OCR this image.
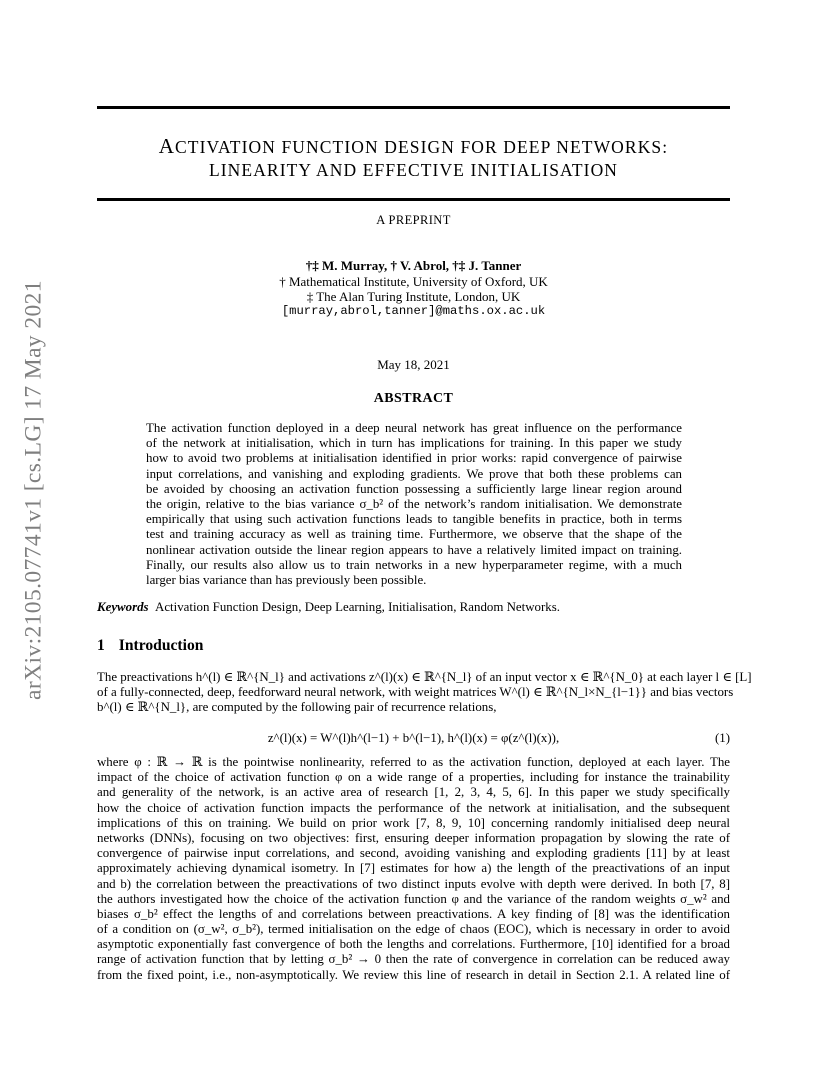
arXiv:2105.07741v1 [cs.LG] 17 May 2021
ACTIVATION FUNCTION DESIGN FOR DEEP NETWORKS:
LINEARITY AND EFFECTIVE INITIALISATION
A PREPRINT
†‡ M. Murray, † V. Abrol, †‡ J. Tanner
† Mathematical Institute, University of Oxford, UK
‡ The Alan Turing Institute, London, UK
[murray,abrol,tanner]@maths.ox.ac.uk
May 18, 2021
ABSTRACT
The activation function deployed in a deep neural network has great influence on the performance
of the network at initialisation, which in turn has implications for training. In this paper we study
how to avoid two problems at initialisation identified in prior works: rapid convergence of pairwise
input correlations, and vanishing and exploding gradients. We prove that both these problems can
be avoided by choosing an activation function possessing a sufficiently large linear region around
the origin, relative to the bias variance σ_b² of the network’s random initialisation. We demonstrate
empirically that using such activation functions leads to tangible benefits in practice, both in terms
test and training accuracy as well as training time. Furthermore, we observe that the shape of the
nonlinear activation outside the linear region appears to have a relatively limited impact on training.
Finally, our results also allow us to train networks in a new hyperparameter regime, with a much
larger bias variance than has previously been possible.
Keywords Activation Function Design, Deep Learning, Initialisation, Random Networks.
1 Introduction
The preactivations h^(l) ∈ ℝ^{N_l} and activations z^(l)(x) ∈ ℝ^{N_l} of an input vector x ∈ ℝ^{N_0} at each layer l ∈ [L]
of a fully-connected, deep, feedforward neural network, with weight matrices W^(l) ∈ ℝ^{N_l×N_{l−1}} and bias vectors
b^(l) ∈ ℝ^{N_l}, are computed by the following pair of recurrence relations,
z^(l)(x) = W^(l)h^(l−1) + b^(l−1), h^(l)(x) = φ(z^(l)(x)),	(1)
where φ : ℝ → ℝ is the pointwise nonlinearity, referred to as the activation function, deployed at each layer. The
impact of the choice of activation function φ on a wide range of a properties, including for instance the trainability
and generality of the network, is an active area of research [1, 2, 3, 4, 5, 6]. In this paper we study specifically
how the choice of activation function impacts the performance of the network at initialisation, and the subsequent
implications of this on training. We build on prior work [7, 8, 9, 10] concerning randomly initialised deep neural
networks (DNNs), focusing on two objectives: first, ensuring deeper information propagation by slowing the rate of
convergence of pairwise input correlations, and second, avoiding vanishing and exploding gradients [11] by at least
approximately achieving dynamical isometry. In [7] estimates for how a) the length of the preactivations of an input
and b) the correlation between the preactivations of two distinct inputs evolve with depth were derived. In both [7, 8]
the authors investigated how the choice of the activation function φ and the variance of the random weights σ_w² and
biases σ_b² effect the lengths of and correlations between preactivations. A key finding of [8] was the identification
of a condition on (σ_w², σ_b²), termed initialisation on the edge of chaos (EOC), which is necessary in order to avoid
asymptotic exponentially fast convergence of both the lengths and correlations. Furthermore, [10] identified for a broad
range of activation function that by letting σ_b² → 0 then the rate of convergence in correlation can be reduced away
from the fixed point, i.e., non-asymptotically. We review this line of research in detail in Section 2.1. A related line of
